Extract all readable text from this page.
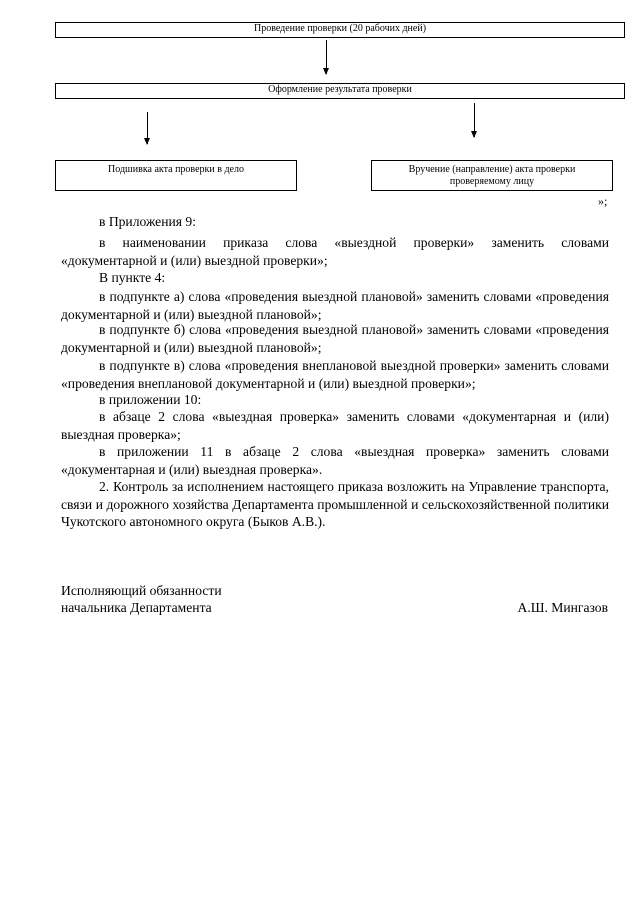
Проведение проверки (20 рабочих дней)
Оформление результата проверки
Подшивка акта проверки в дело	Вручение (направление) акта проверки
проверяемому лицу
»;

в Приложения 9:

в наименовании приказа слова «выездной проверки» заменить словами «документарной и (или) выездной проверки»;

В пункте 4:

в подпункте а) слова «проведения выездной плановой» заменить словами «проведения документарной и (или) выездной плановой»;

в подпункте б) слова «проведения выездной плановой» заменить словами «проведения документарной и (или) выездной плановой»;

в подпункте в) слова «проведения внеплановой выездной проверки» заменить словами «проведения внеплановой документарной и (или) выездной проверки»;

в приложении 10:

в абзаце 2 слова «выездная проверка» заменить словами «документарная и (или) выездная проверка»;

в приложении 11 в абзаце 2 слова «выездная проверка» заменить словами «документарная и (или) выездная проверка».

2. Контроль за исполнением настоящего приказа возложить на Управление транспорта, связи и дорожного хозяйства Департамента промышленной и сельскохозяйственной политики Чукотского автономного округа (Быков А.В.).

Исполняющий обязанности
начальника Департамента	А.Ш. Мингазов
